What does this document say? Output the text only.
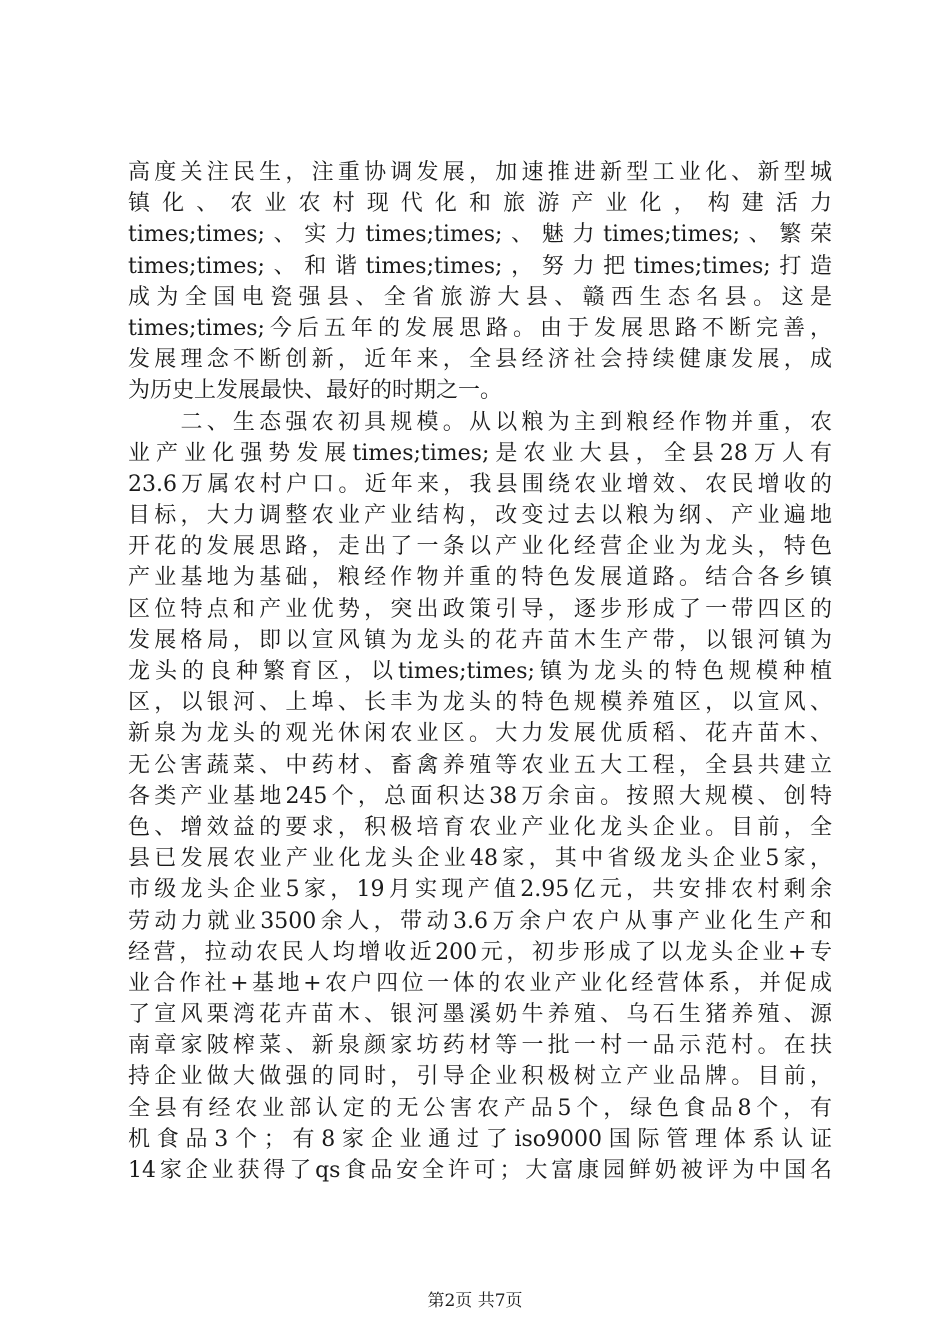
高度关注民生，注重协调发展，加速推进新型工业化、新型城
镇化、农业农村现代化和旅游产业化，构建活力
times;times;、实力times;times;、魅力times;times;、繁荣
times;times;、和谐times;times;，努力把times;times;打造
成为全国电瓷强县、全省旅游大县、赣西生态名县。这是
times;times;今后五年的发展思路。由于发展思路不断完善，
发展理念不断创新，近年来，全县经济社会持续健康发展，成
为历史上发展最快、最好的时期之一。
　　二、生态强农初具规模。从以粮为主到粮经作物并重，农
业产业化强势发展times;times;是农业大县，全县28万人有
23.6万属农村户口。近年来，我县围绕农业增效、农民增收的
目标，大力调整农业产业结构，改变过去以粮为纲、产业遍地
开花的发展思路，走出了一条以产业化经营企业为龙头，特色
产业基地为基础，粮经作物并重的特色发展道路。结合各乡镇
区位特点和产业优势，突出政策引导，逐步形成了一带四区的
发展格局，即以宣风镇为龙头的花卉苗木生产带，以银河镇为
龙头的良种繁育区，以times;times;镇为龙头的特色规模种植
区，以银河、上埠、长丰为龙头的特色规模养殖区，以宣风、
新泉为龙头的观光休闲农业区。大力发展优质稻、花卉苗木、
无公害蔬菜、中药材、畜禽养殖等农业五大工程，全县共建立
各类产业基地245个，总面积达38万余亩。按照大规模、创特
色、增效益的要求，积极培育农业产业化龙头企业。目前，全
县已发展农业产业化龙头企业48家，其中省级龙头企业5家，
市级龙头企业5家，19月实现产值2.95亿元，共安排农村剩余
劳动力就业3500余人，带动3.6万余户农户从事产业化生产和
经营，拉动农民人均增收近200元，初步形成了以龙头企业+专
业合作社+基地+农户四位一体的农业产业化经营体系，并促成
了宣风栗湾花卉苗木、银河墨溪奶牛养殖、乌石生猪养殖、源
南章家陂榨菜、新泉颜家坊药材等一批一村一品示范村。在扶
持企业做大做强的同时，引导企业积极树立产业品牌。目前，
全县有经农业部认定的无公害农产品5个，绿色食品8个，有
机食品3个；有8家企业通过了iso9000国际管理体系认证
14家企业获得了qs食品安全许可；大富康园鲜奶被评为中国名
第2页 共7页
